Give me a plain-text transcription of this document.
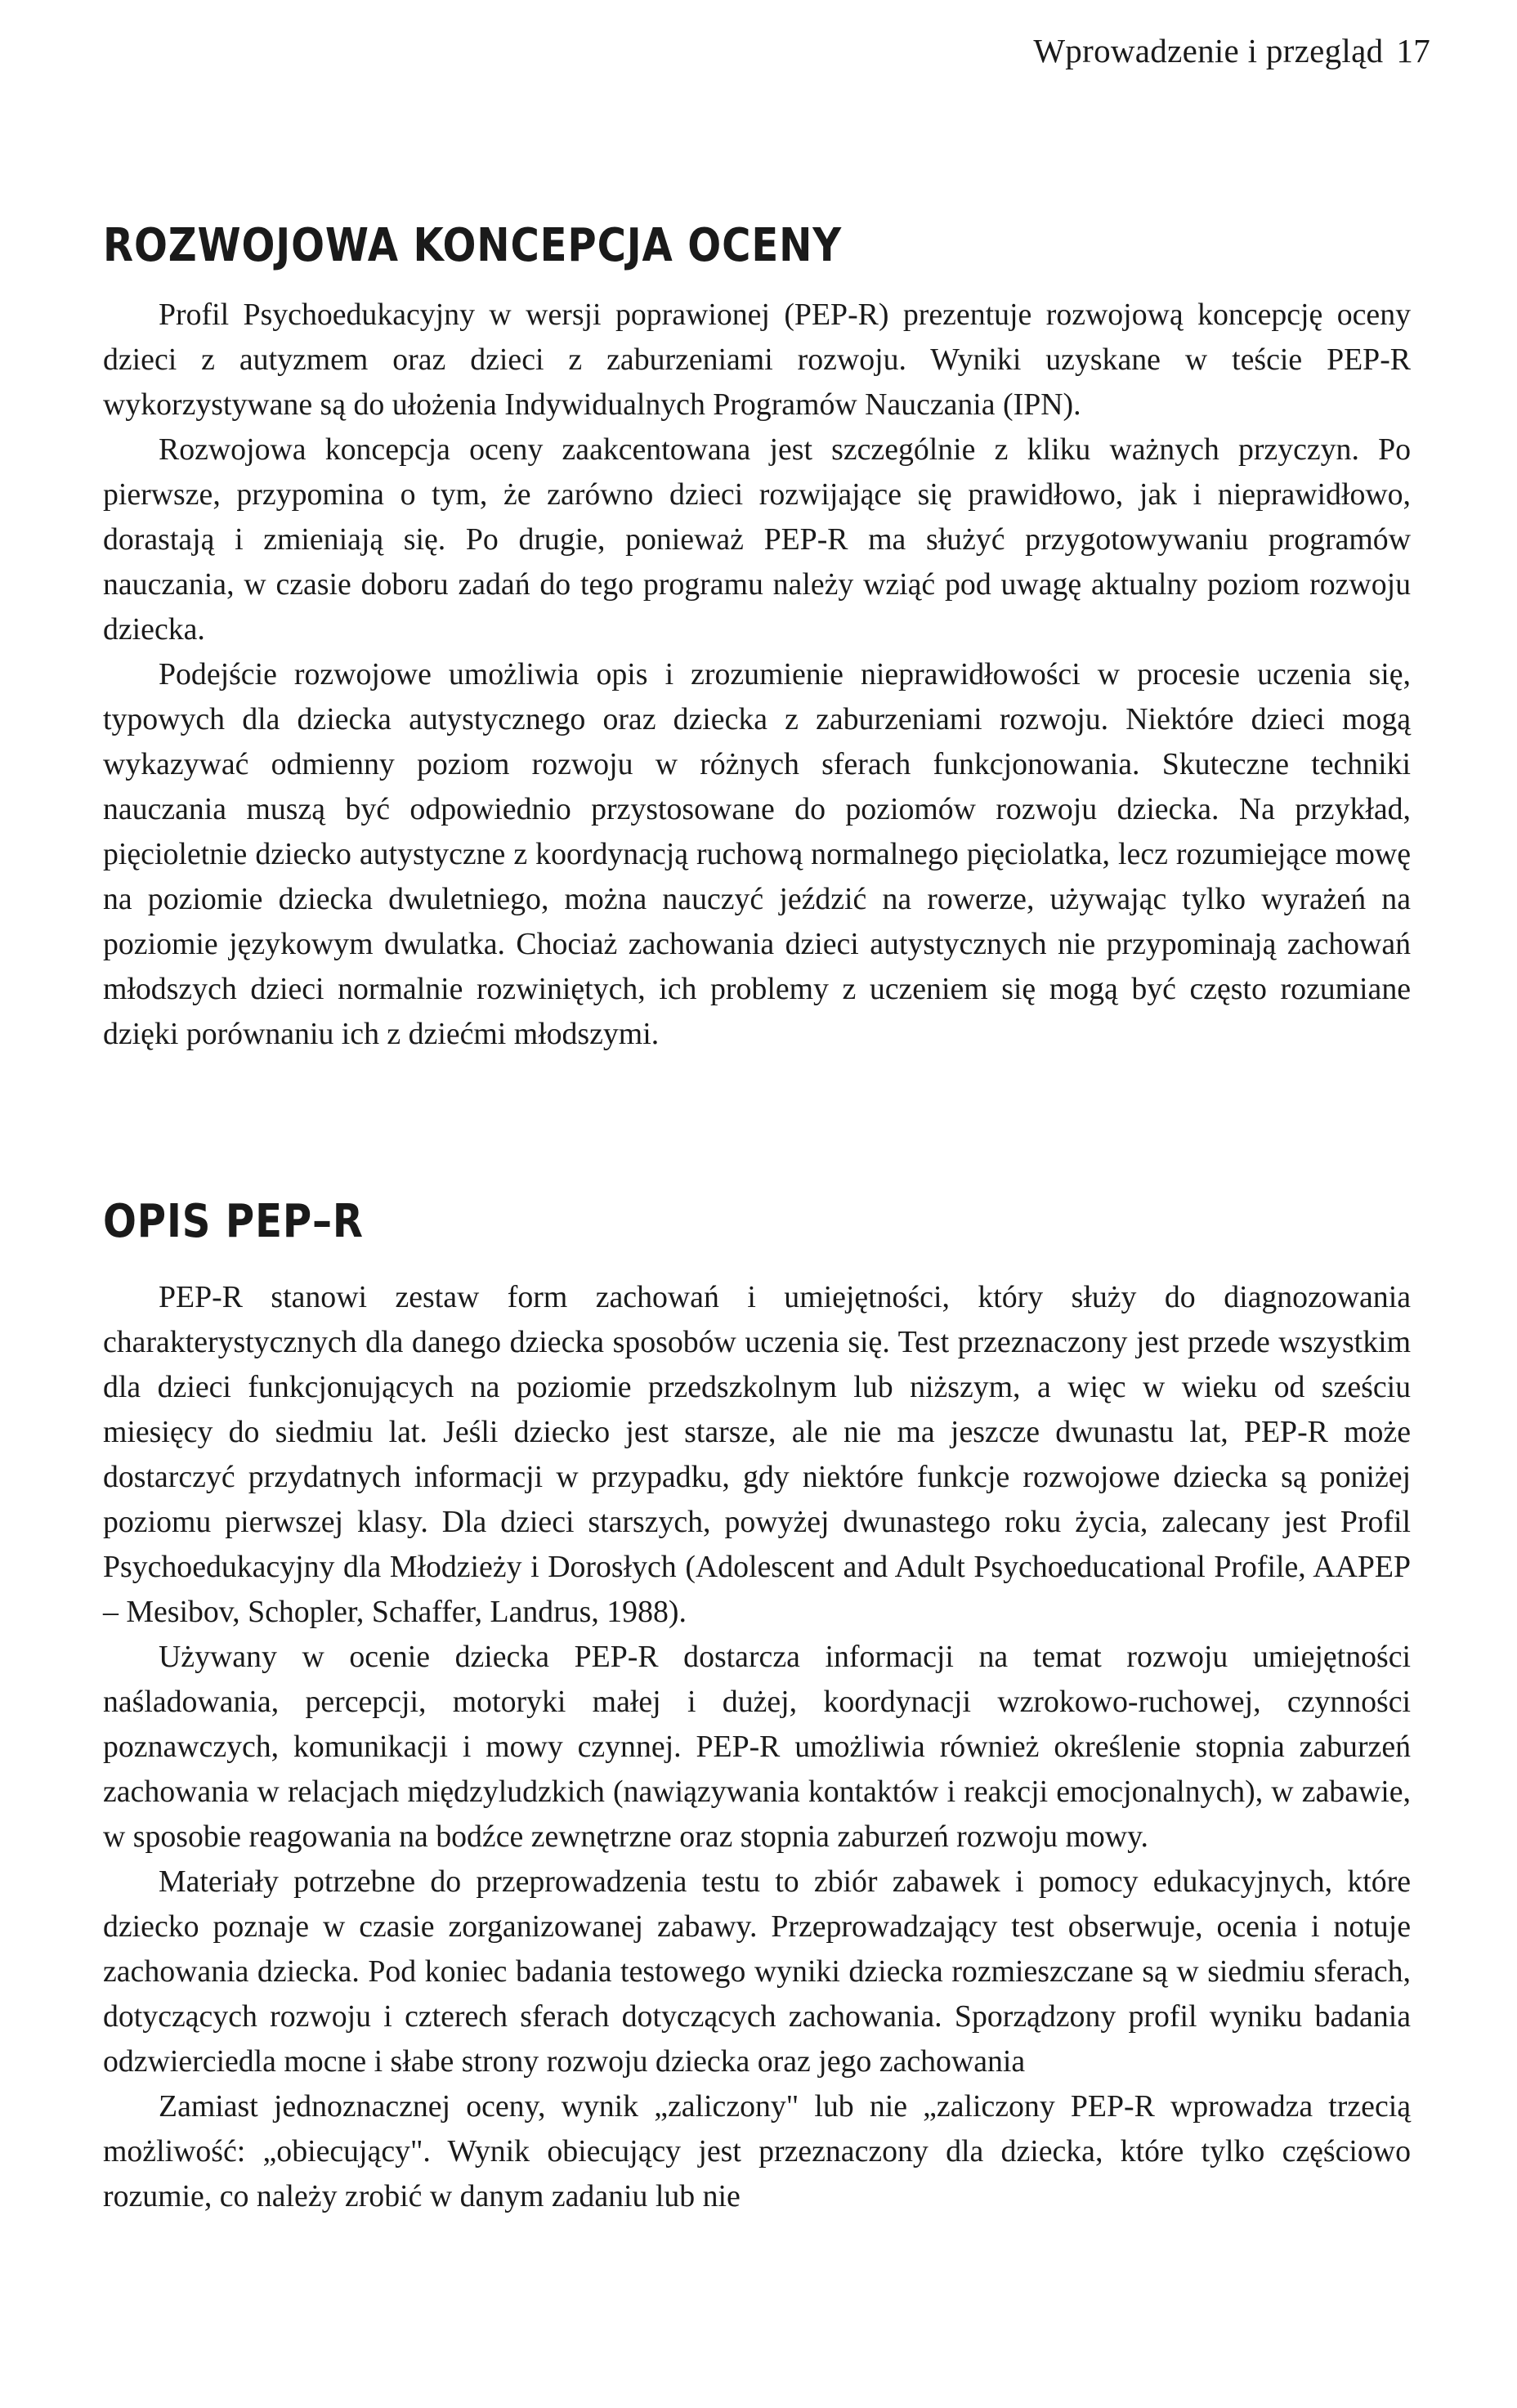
Wprowadzenie i przegląd 17
ROZWOJOWA KONCEPCJA OCENY

Profil Psychoedukacyjny w wersji poprawionej (PEP-R) prezentuje rozwojową koncepcję oceny dzieci z autyzmem oraz dzieci z zaburzeniami rozwoju. Wyniki uzyskane w teście PEP-R wykorzystywane są do ułożenia Indywidualnych Programów Nauczania (IPN).

Rozwojowa koncepcja oceny zaakcentowana jest szczególnie z kliku ważnych przyczyn. Po pierwsze, przypomina o tym, że zarówno dzieci rozwijające się prawidłowo, jak i nieprawidłowo, dorastają i zmieniają się. Po drugie, ponieważ PEP-R ma służyć przygotowywaniu programów nauczania, w czasie doboru zadań do tego programu należy wziąć pod uwagę aktualny poziom rozwoju dziecka.

Podejście rozwojowe umożliwia opis i zrozumienie nieprawidłowości w procesie uczenia się, typowych dla dziecka autystycznego oraz dziecka z zaburzeniami rozwoju. Niektóre dzieci mogą wykazywać odmienny poziom rozwoju w różnych sferach funkcjonowania. Skuteczne techniki nauczania muszą być odpowiednio przystosowane do poziomów rozwoju dziecka. Na przykład, pięcioletnie dziecko autystyczne z koordynacją ruchową normalnego pięciolatka, lecz rozumiejące mowę na poziomie dziecka dwuletniego, można nauczyć jeździć na rowerze, używając tylko wyrażeń na poziomie językowym dwulatka. Chociaż zachowania dzieci autystycznych nie przypominają zachowań młodszych dzieci normalnie rozwiniętych, ich problemy z uczeniem się mogą być często rozumiane dzięki porównaniu ich z dziećmi młodszymi.

OPIS PEP–R

PEP-R stanowi zestaw form zachowań i umiejętności, który służy do diagnozowania charakterystycznych dla danego dziecka sposobów uczenia się. Test przeznaczony jest przede wszystkim dla dzieci funkcjonujących na poziomie przedszkolnym lub niższym, a więc w wieku od sześciu miesięcy do siedmiu lat. Jeśli dziecko jest starsze, ale nie ma jeszcze dwunastu lat, PEP-R może dostarczyć przydatnych informacji w przypadku, gdy niektóre funkcje rozwojowe dziecka są poniżej poziomu pierwszej klasy. Dla dzieci starszych, powyżej dwunastego roku życia, zalecany jest Profil Psychoedukacyjny dla Młodzieży i Dorosłych (Adolescent and Adult Psychoeducational Profile, AAPEP – Mesibov, Schopler, Schaffer, Landrus, 1988).

Używany w ocenie dziecka PEP-R dostarcza informacji na temat rozwoju umiejętności naśladowania, percepcji, motoryki małej i dużej, koordynacji wzrokowo-ruchowej, czynności poznawczych, komunikacji i mowy czynnej. PEP-R umożliwia również określenie stopnia zaburzeń zachowania w relacjach międzyludzkich (nawiązywania kontaktów i reakcji emocjonalnych), w zabawie, w sposobie reagowania na bodźce zewnętrzne oraz stopnia zaburzeń rozwoju mowy.

Materiały potrzebne do przeprowadzenia testu to zbiór zabawek i pomocy edukacyjnych, które dziecko poznaje w czasie zorganizowanej zabawy. Przeprowadzający test obserwuje, ocenia i notuje zachowania dziecka. Pod koniec badania testowego wyniki dziecka rozmieszczane są w siedmiu sferach, dotyczących rozwoju i czterech sferach dotyczących zachowania. Sporządzony profil wyniku badania odzwierciedla mocne i słabe strony rozwoju dziecka oraz jego zachowania

Zamiast jednoznacznej oceny, wynik „zaliczony" lub nie „zaliczony PEP-R wprowadza trzecią możliwość: „obiecujący". Wynik obiecujący jest przeznaczony dla dziecka, które tylko częściowo rozumie, co należy zrobić w danym zadaniu lub nie
